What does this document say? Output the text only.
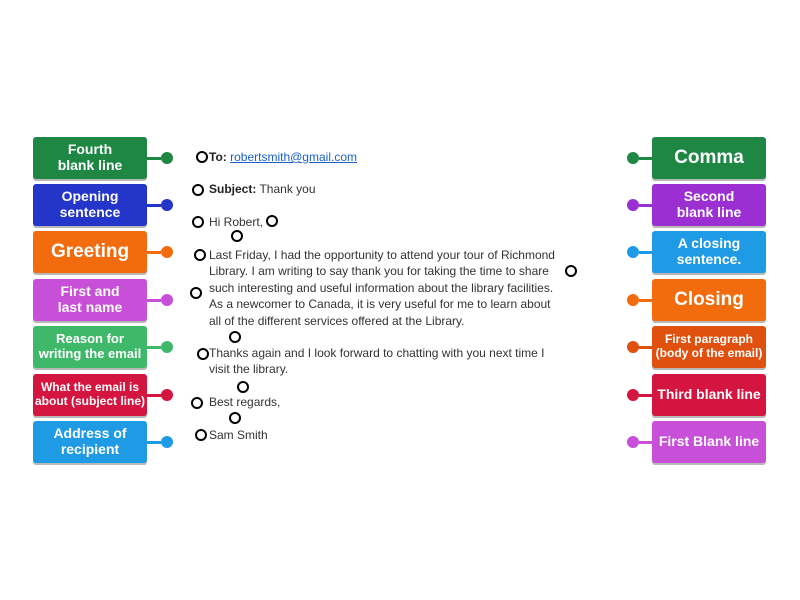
Fourth
blank line
Opening
sentence
Greeting
First and
last name
Reason for
writing the email
What the email is
about (subject line)
Address of
recipient
Comma
Second
blank line
A closing
sentence.
Closing
First paragraph
(body of the email)
Third blank line
First Blank line
To: robertsmith@gmail.com
Subject: Thank you
Hi Robert,
Last Friday, I had the opportunity to attend your tour of Richmond
Library. I am writing to say thank you for taking the time to share
such interesting and useful information about the library facilities.
As a newcomer to Canada, it is very useful for me to learn about
all of the different services offered at the Library.
Thanks again and I look forward to chatting with you next time I
visit the library.
Best regards,
Sam Smith
